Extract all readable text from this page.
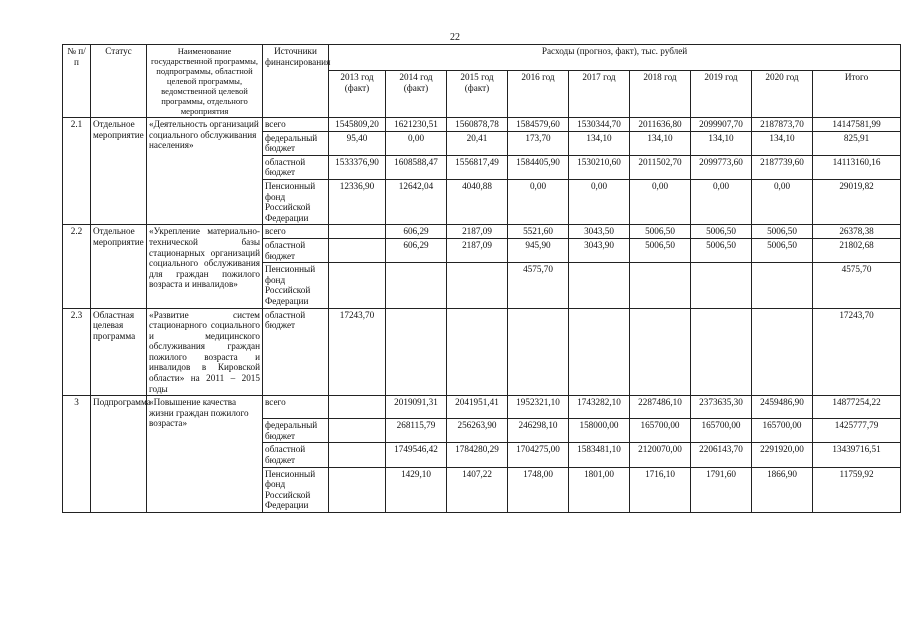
22
№ п/п	Статус	Наименование государственной программы, подпрограммы, областной целевой программы, ведомственной целевой программы, отдельного мероприятия	Источники финансирования	Расходы (прогноз, факт), тыс. рублей								
				2013 год (факт)	2014 год (факт)	2015 год (факт)	2016 год	2017 год	2018 год	2019 год	2020 год	Итого
2.1	Отдельное мероприятие	«Деятельность организаций социального обслуживания населения»	всего	1545809,20	1621230,51	1560878,78	1584579,60	1530344,70	2011636,80	2099907,70	2187873,70	14147581,99
			федеральный бюджет	95,40	0,00	20,41	173,70	134,10	134,10	134,10	134,10	825,91
			областной бюджет	1533376,90	1608588,47	1556817,49	1584405,90	1530210,60	2011502,70	2099773,60	2187739,60	14113160,16
			Пенсионный фонд Российской Федерации	12336,90	12642,04	4040,88	0,00	0,00	0,00	0,00	0,00	29019,82
2.2	Отдельное мероприятие	«Укрепление материально-технической базы стационарных организаций социального обслуживания для граждан пожилого возраста и инвалидов»	всего		606,29	2187,09	5521,60	3043,50	5006,50	5006,50	5006,50	26378,38
			областной бюджет		606,29	2187,09	945,90	3043,90	5006,50	5006,50	5006,50	21802,68
			Пенсионный фонд Российской Федерации				4575,70					4575,70
2.3	Областная целевая программа	«Развитие систем стационарного социального и медицинского обслуживания граждан пожилого возраста и инвалидов в Кировской области» на 2011 – 2015 годы	областной бюджет	17243,70								17243,70
3	Подпрограмма	«Повышение качества жизни граждан пожилого возраста»	всего		2019091,31	2041951,41	1952321,10	1743282,10	2287486,10	2373635,30	2459486,90	14877254,22
			федеральный бюджет		268115,79	256263,90	246298,10	158000,00	165700,00	165700,00	165700,00	1425777,79
			областной бюджет		1749546,42	1784280,29	1704275,00	1583481,10	2120070,00	2206143,70	2291920,00	13439716,51
			Пенсионный фонд Российской Федерации		1429,10	1407,22	1748,00	1801,00	1716,10	1791,60	1866,90	11759,92
